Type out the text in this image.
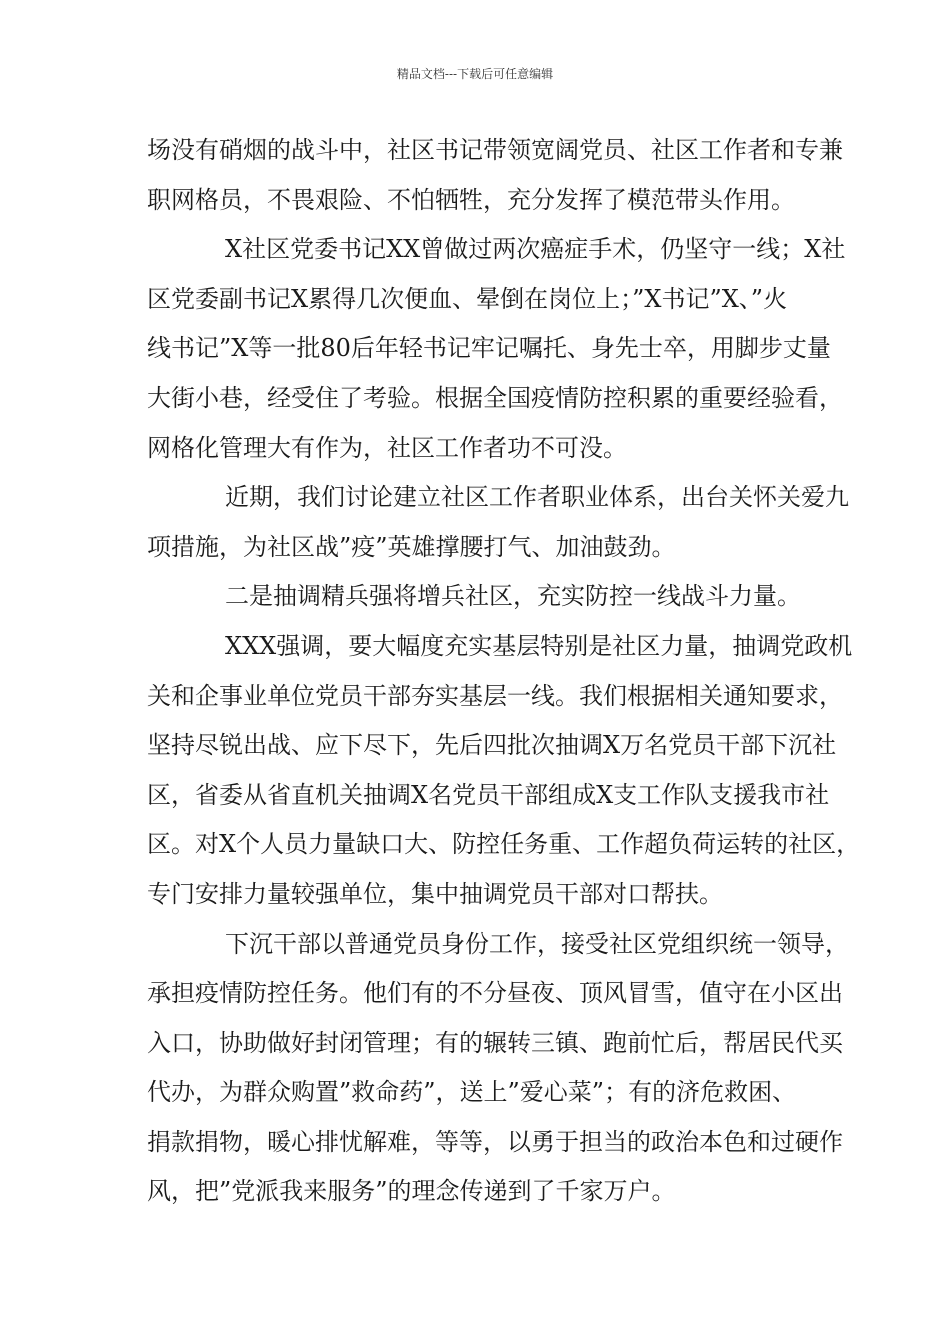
精品文档---下载后可任意编辑
场没有硝烟的战斗中，社区书记带领宽阔党员、社区工作者和专兼
职网格员，不畏艰险、不怕牺牲，充分发挥了模范带头作用。
X社区党委书记XX曾做过两次癌症手术，仍坚守一线；X社
区党委副书记X累得几次便血、晕倒在岗位上；”X书记”X、”火
线书记”X等一批80后年轻书记牢记嘱托、身先士卒，用脚步丈量
大街小巷，经受住了考验。根据全国疫情防控积累的重要经验看，
网格化管理大有作为，社区工作者功不可没。
近期，我们讨论建立社区工作者职业体系，出台关怀关爱九
项措施，为社区战”疫”英雄撑腰打气、加油鼓劲。
二是抽调精兵强将增兵社区，充实防控一线战斗力量。
XXX强调，要大幅度充实基层特别是社区力量，抽调党政机
关和企事业单位党员干部夯实基层一线。我们根据相关通知要求，
坚持尽锐出战、应下尽下，先后四批次抽调X万名党员干部下沉社
区，省委从省直机关抽调X名党员干部组成X支工作队支援我市社
区。对X个人员力量缺口大、防控任务重、工作超负荷运转的社区，
专门安排力量较强单位，集中抽调党员干部对口帮扶。
下沉干部以普通党员身份工作，接受社区党组织统一领导，
承担疫情防控任务。他们有的不分昼夜、顶风冒雪，值守在小区出
入口，协助做好封闭管理；有的辗转三镇、跑前忙后，帮居民代买
代办，为群众购置”救命药”，送上”爱心菜”；有的济危救困、
捐款捐物，暖心排忧解难，等等，以勇于担当的政治本色和过硬作
风，把”党派我来服务”的理念传递到了千家万户。
